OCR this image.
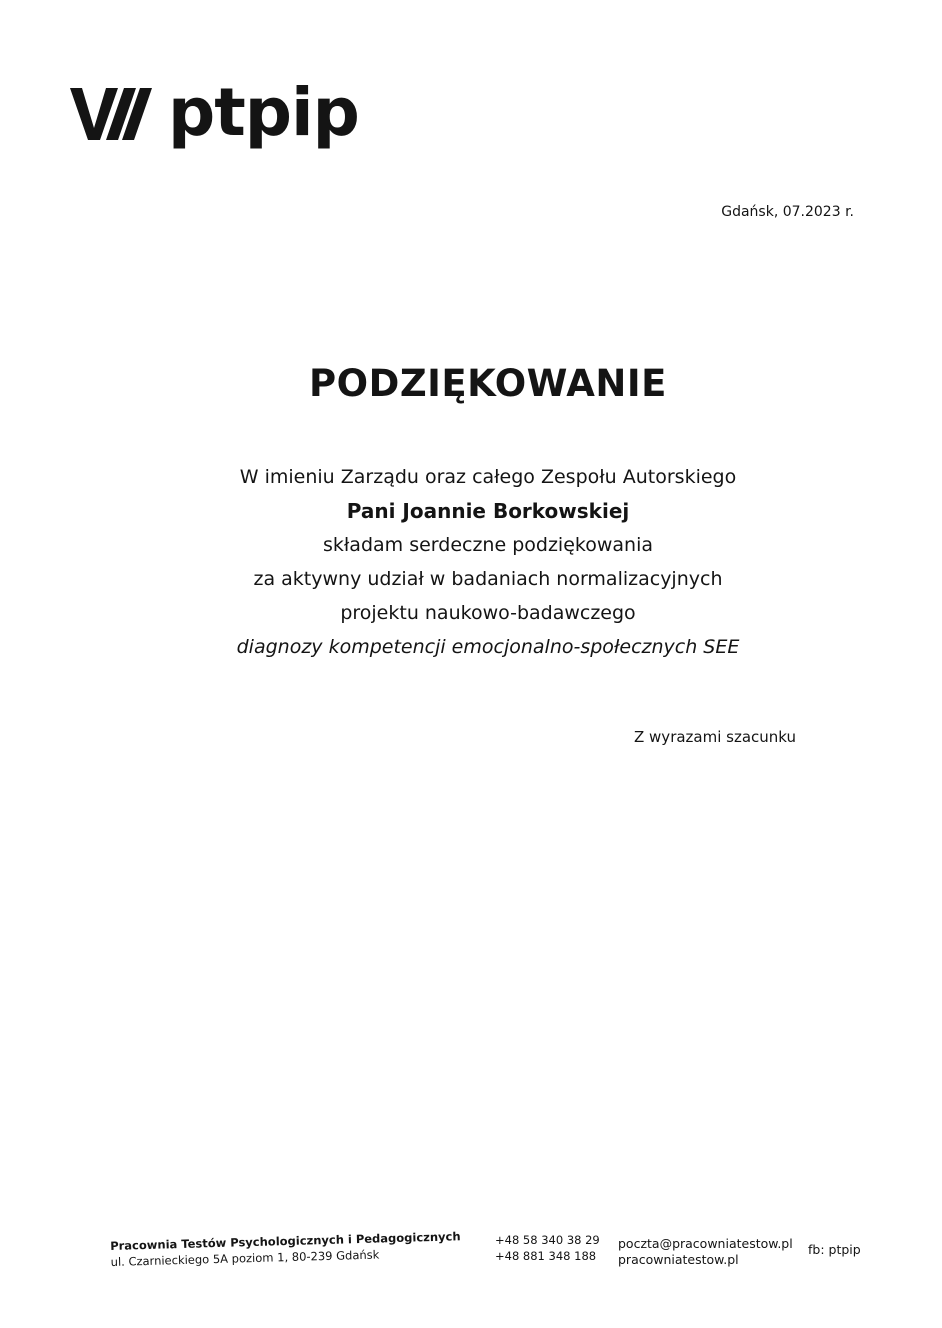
ptpip
Gdańsk, 07.2023 r.
PODZIĘKOWANIE
W imieniu Zarządu oraz całego Zespołu Autorskiego
Pani Joannie Borkowskiej
składam serdeczne podziękowania
za aktywny udział w badaniach normalizacyjnych
projektu naukowo-badawczego
diagnozy kompetencji emocjonalno-społecznych SEE
Z wyrazami szacunku
Pracownia Testów Psychologicznych i Pedagogicznych
ul. Czarnieckiego 5A poziom 1, 80-239 Gdańsk
+48 58 340 38 29
+48 881 348 188
poczta@pracowniatestow.pl
pracowniatestow.pl
fb: ptpip
